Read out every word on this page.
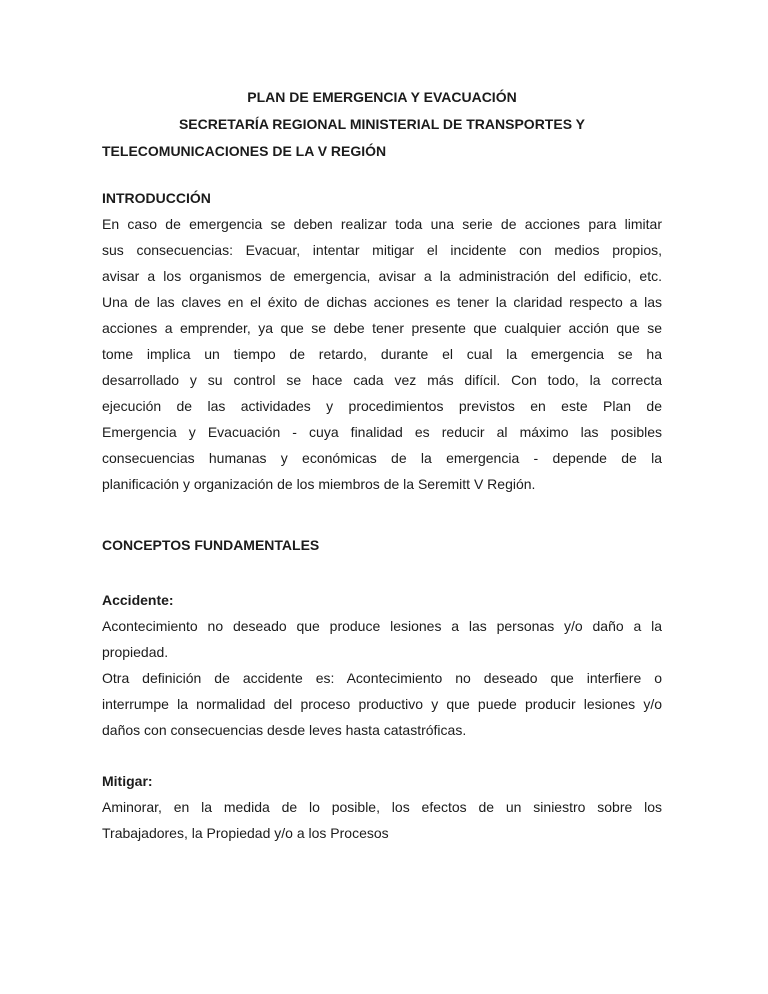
PLAN DE EMERGENCIA Y EVACUACIÓN
SECRETARÍA REGIONAL MINISTERIAL DE TRANSPORTES Y
TELECOMUNICACIONES DE LA V REGIÓN
INTRODUCCIÓN
En caso de emergencia se deben realizar toda una serie de acciones para limitar
sus consecuencias: Evacuar, intentar mitigar el incidente con medios propios,
avisar a los organismos de emergencia, avisar a la administración del edificio, etc.
Una de las claves en el éxito de dichas acciones es tener la claridad respecto a las
acciones a emprender, ya que se debe tener presente que cualquier acción que se
tome implica un tiempo de retardo, durante el cual la emergencia se ha
desarrollado y su control se hace cada vez más difícil. Con todo, la correcta
ejecución de las actividades y procedimientos previstos en este Plan de
Emergencia y Evacuación - cuya finalidad es reducir al máximo las posibles
consecuencias humanas y económicas de la emergencia - depende de la
planificación y organización de los miembros de la Seremitt V Región.
CONCEPTOS FUNDAMENTALES
Accidente:
Acontecimiento no deseado que produce lesiones a las personas y/o daño a la
propiedad.
Otra definición de accidente es: Acontecimiento no deseado que interfiere o
interrumpe la normalidad del proceso productivo y que puede producir lesiones y/o
daños con consecuencias desde leves hasta catastróficas.
Mitigar:
Aminorar, en la medida de lo posible, los efectos de un siniestro sobre los
Trabajadores, la Propiedad y/o a los Procesos
